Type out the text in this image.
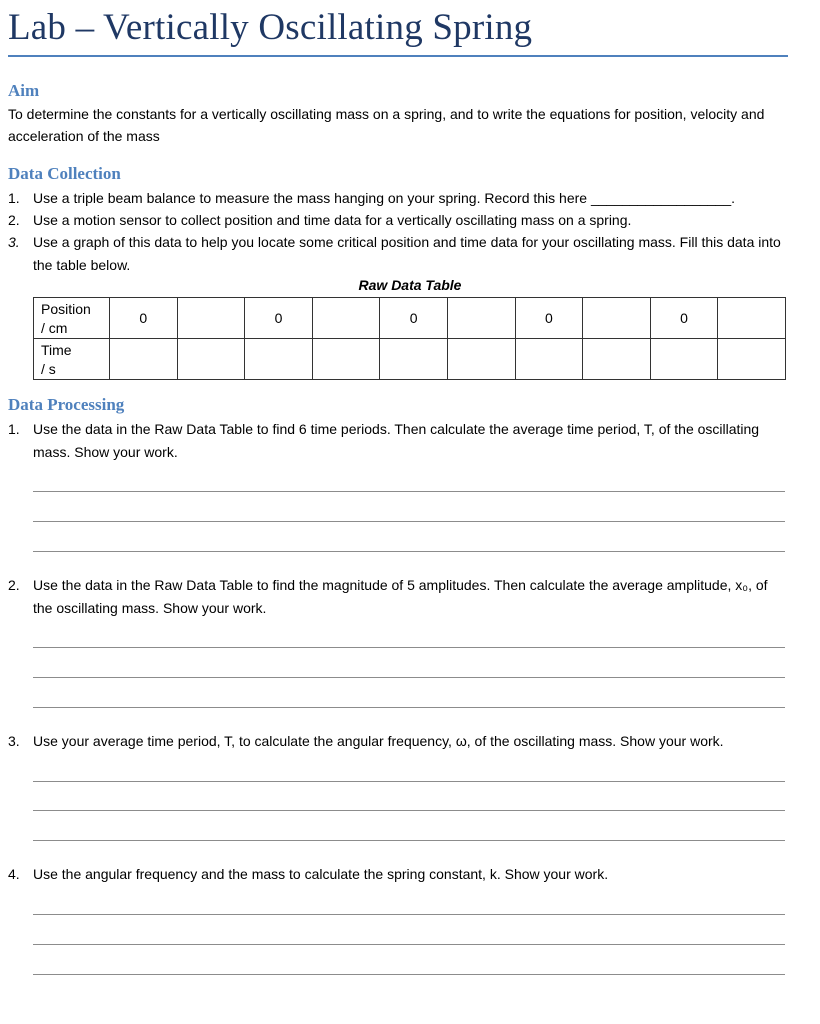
Lab – Vertically Oscillating Spring
Aim
To determine the constants for a vertically oscillating mass on a spring, and to write the equations for position, velocity and acceleration of the mass
Data Collection
1. Use a triple beam balance to measure the mass hanging on your spring. Record this here __________________.
2. Use a motion sensor to collect position and time data for a vertically oscillating mass on a spring.
3. Use a graph of this data to help you locate some critical position and time data for your oscillating mass. Fill this data into the table below.
Raw Data Table
Position
/ cm	0		0		0		0		0	

Time
/ s										

Data Processing
1. Use the data in the Raw Data Table to find 6 time periods. Then calculate the average time period, T, of the oscillating mass. Show your work.
2. Use the data in the Raw Data Table to find the magnitude of 5 amplitudes. Then calculate the average amplitude, x₀, of the oscillating mass. Show your work.
3. Use your average time period, T, to calculate the angular frequency, ω, of the oscillating mass. Show your work.
4. Use the angular frequency and the mass to calculate the spring constant, k. Show your work.
